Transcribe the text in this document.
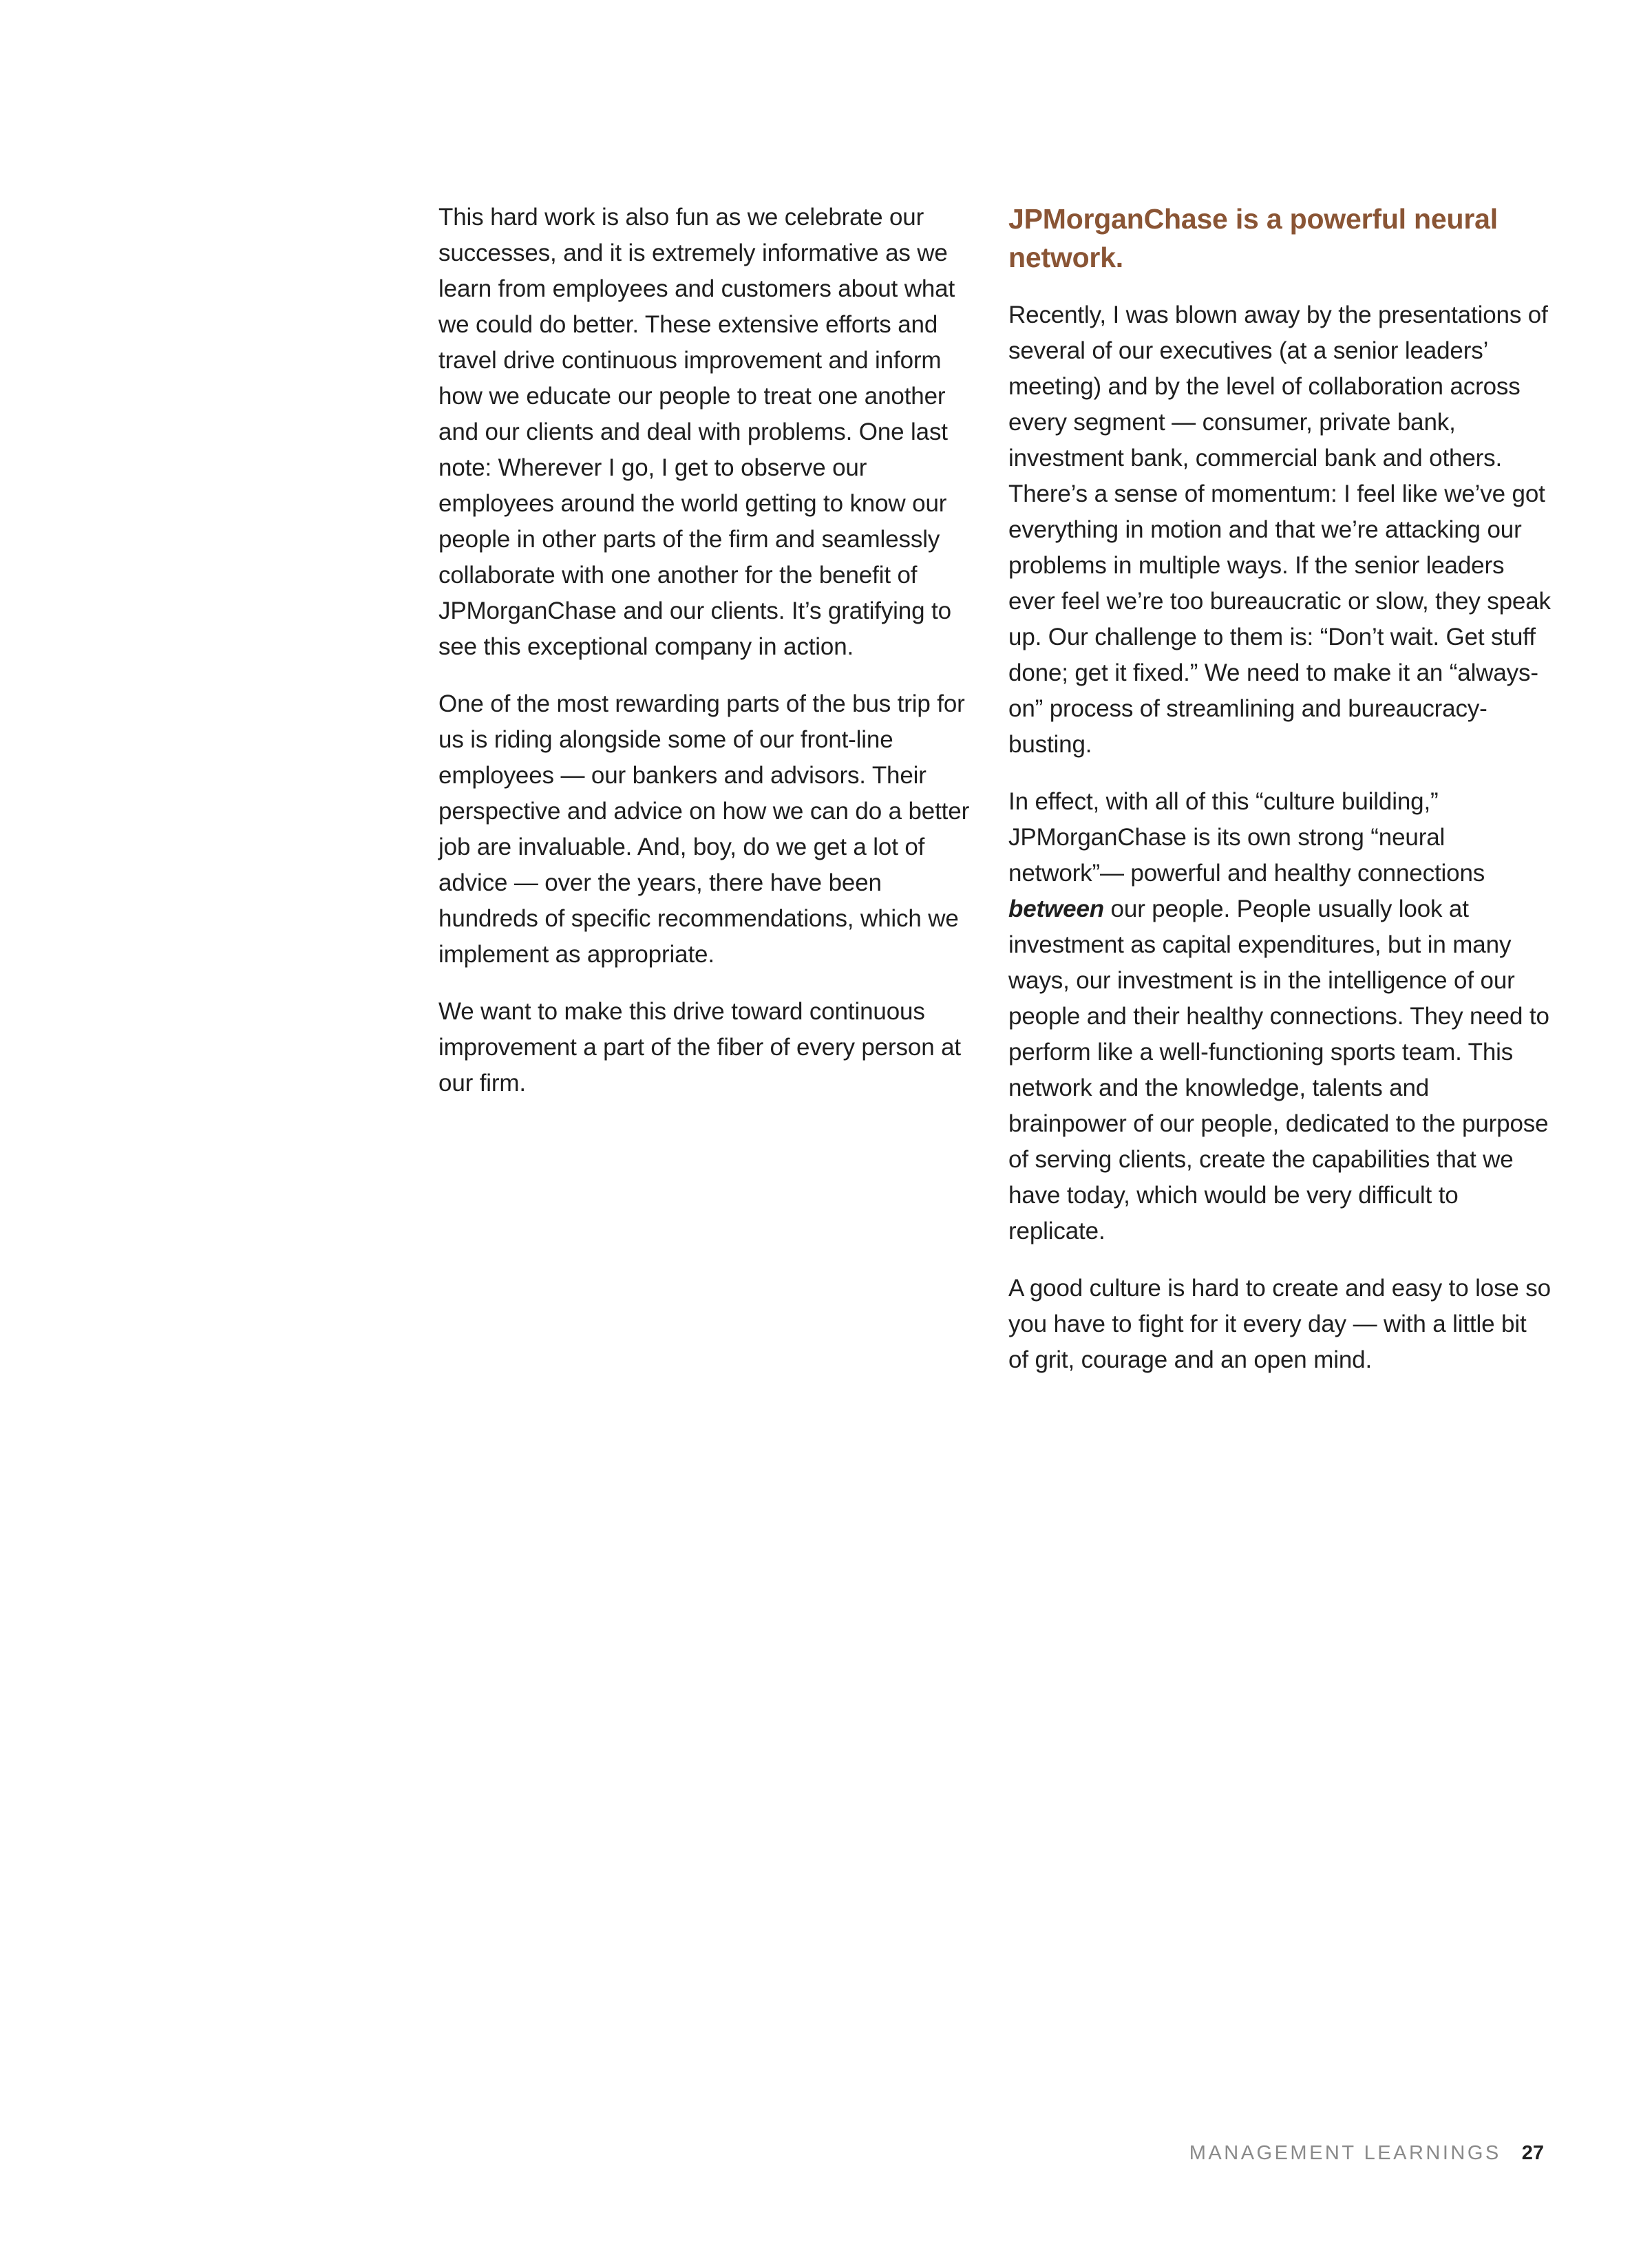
This hard work is also fun as we celebrate our successes, and it is extremely informative as we learn from employees and customers about what we could do better. These extensive efforts and travel drive continuous improvement and inform how we educate our people to treat one another and our clients and deal with problems. One last note: Wherever I go, I get to observe our employees around the world getting to know our people in other parts of the firm and seamlessly collaborate with one another for the benefit of JPMorganChase and our clients. It’s gratifying to see this exceptional company in action.

One of the most rewarding parts of the bus trip for us is riding alongside some of our front-line employees — our bankers and advisors. Their perspective and advice on how we can do a better job are invaluable. And, boy, do we get a lot of advice — over the years, there have been hundreds of specific recommendations, which we implement as appropriate.

We want to make this drive toward continuous improvement a part of the fiber of every person at our firm.

JPMorganChase is a powerful neural network.

Recently, I was blown away by the presentations of several of our executives (at a senior leaders’ meeting) and by the level of collaboration across every segment — consumer, private bank, investment bank, commercial bank and others. There’s a sense of momentum: I feel like we’ve got everything in motion and that we’re attacking our problems in multiple ways. If the senior leaders ever feel we’re too bureaucratic or slow, they speak up. Our challenge to them is: “Don’t wait. Get stuff done; get it fixed.” We need to make it an “always-on” process of streamlining and bureaucracy-busting.

In effect, with all of this “culture building,” JPMorganChase is its own strong “neural network”— powerful and healthy connections between our people. People usually look at investment as capital expenditures, but in many ways, our investment is in the intelligence of our people and their healthy connections. They need to perform like a well-functioning sports team. This network and the knowledge, talents and brainpower of our people, dedicated to the purpose of serving clients, create the capabilities that we have today, which would be very difficult to replicate.

A good culture is hard to create and easy to lose so you have to fight for it every day — with a little bit of grit, courage and an open mind.

MANAGEMENT LEARNINGS 27
